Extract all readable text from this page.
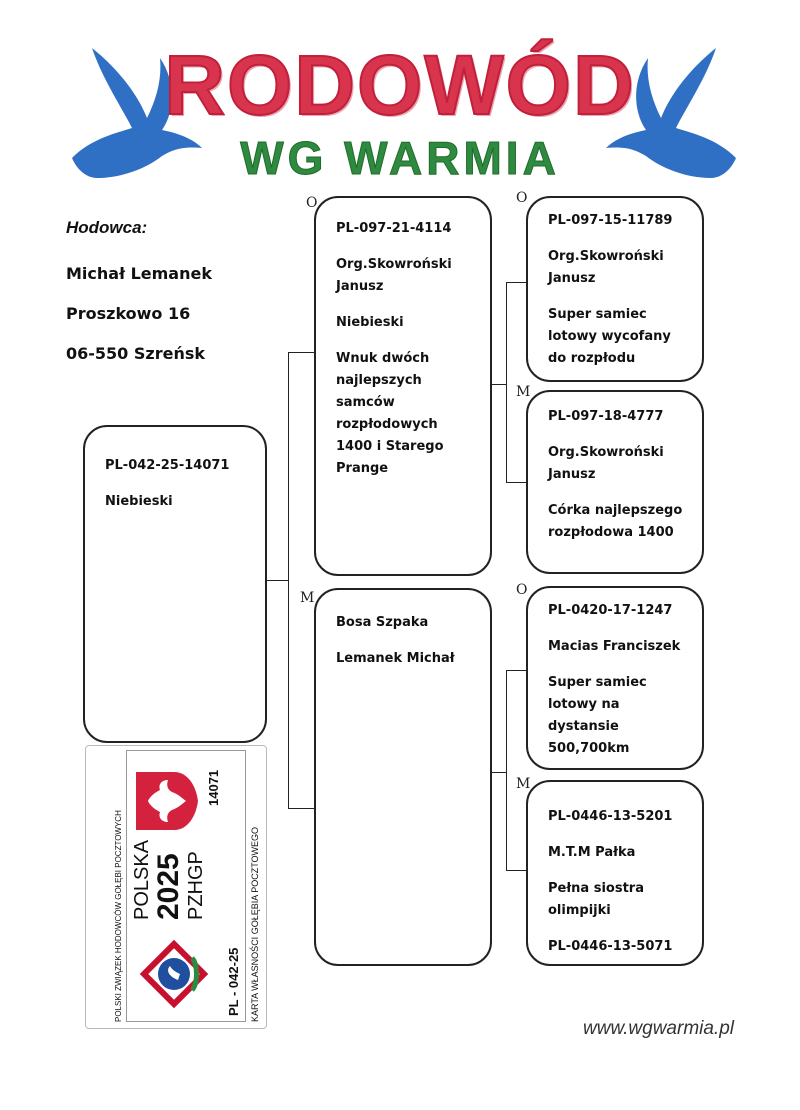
RODOWÓD
WG WARMIA
Hodowca:
Michał Lemanek
Proszkowo 16
06-550 Szreńsk
O
M
O
M
O
M

PL-042-25-14071

Niebieski

PL-097-21-4114

Org.Skowroński Janusz

Niebieski

Wnuk dwóch najlepszych samców rozpłodowych 1400 i Starego Prange

Bosa Szpaka

Lemanek Michał

PL-097-15-11789

Org.Skowroński Janusz

Super samiec lotowy wycofany do rozpłodu

PL-097-18-4777

Org.Skowroński Janusz

Córka najlepszego rozpłodowa 1400

PL-0420-17-1247

Macias Franciszek

Super samiec lotowy na dystansie 500,700km

PL-0446-13-5201

M.T.M Pałka

Pełna siostra olimpijki

PL-0446-13-5071

POLSKI ZWIĄZEK HODOWCÓW GOŁĘBI POCZTOWYCH POLSKA 2025 PZHGP
14071
PL - 042-25 KARTA WŁASNOŚCI GOŁĘBIA POCZTOWEGO
www.wgwarmia.pl
